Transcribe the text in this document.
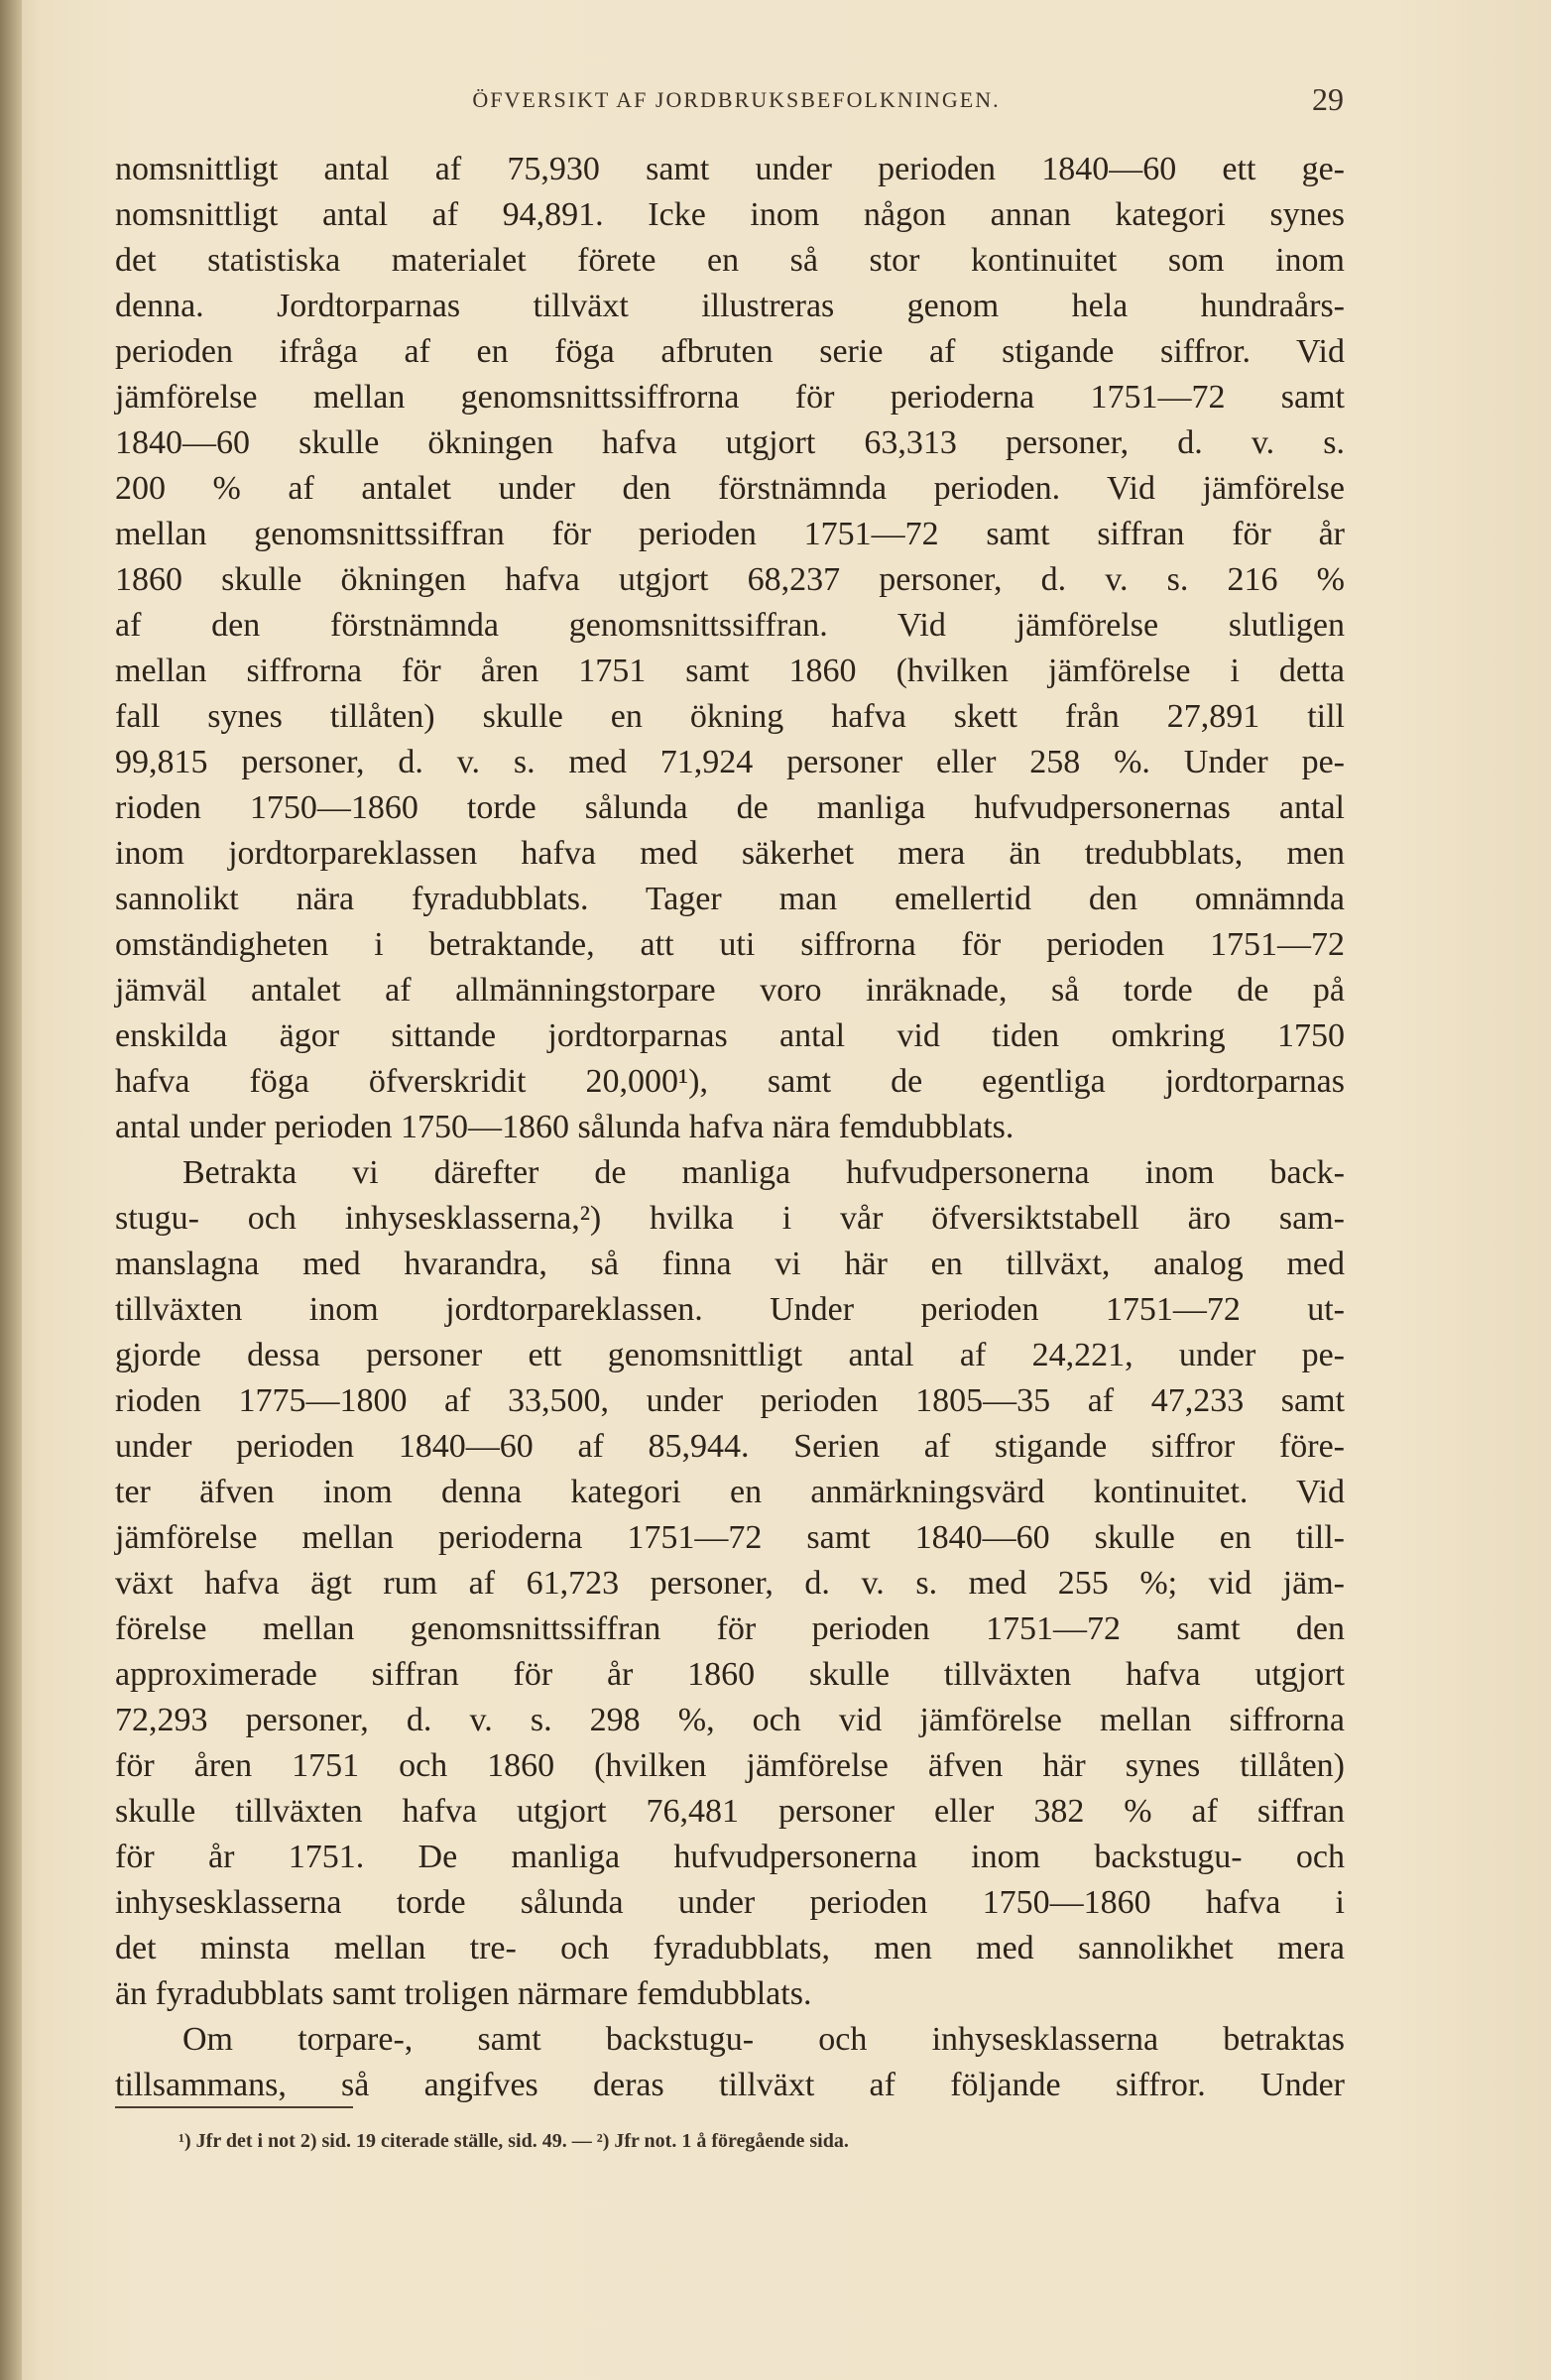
ÖFVERSIKT AF JORDBRUKSBEFOLKNINGEN.	29
nomsnittligt antal af 75,930 samt under perioden 1840—60 ett ge-
nomsnittligt antal af 94,891. Icke inom någon annan kategori synes
det statistiska materialet förete en så stor kontinuitet som inom
denna. Jordtorparnas tillväxt illustreras genom hela hundraårs-
perioden ifråga af en föga afbruten serie af stigande siffror. Vid
jämförelse mellan genomsnittssiffrorna för perioderna 1751—72 samt
1840—60 skulle ökningen hafva utgjort 63,313 personer, d. v. s.
200 % af antalet under den förstnämnda perioden. Vid jämförelse
mellan genomsnittssiffran för perioden 1751—72 samt siffran för år
1860 skulle ökningen hafva utgjort 68,237 personer, d. v. s. 216 %
af den förstnämnda genomsnittssiffran. Vid jämförelse slutligen
mellan siffrorna för åren 1751 samt 1860 (hvilken jämförelse i detta
fall synes tillåten) skulle en ökning hafva skett från 27,891 till
99,815 personer, d. v. s. med 71,924 personer eller 258 %. Under pe-
rioden 1750—1860 torde sålunda de manliga hufvudpersonernas antal
inom jordtorpareklassen hafva med säkerhet mera än tredubblats, men
sannolikt nära fyradubblats. Tager man emellertid den omnämnda
omständigheten i betraktande, att uti siffrorna för perioden 1751—72
jämväl antalet af allmänningstorpare voro inräknade, så torde de på
enskilda ägor sittande jordtorparnas antal vid tiden omkring 1750
hafva föga öfverskridit 20,000¹), samt de egentliga jordtorparnas
antal under perioden 1750—1860 sålunda hafva nära femdubblats.
Betrakta vi därefter de manliga hufvudpersonerna inom back-
stugu- och inhysesklasserna,²) hvilka i vår öfversiktstabell äro sam-
manslagna med hvarandra, så finna vi här en tillväxt, analog med
tillväxten inom jordtorpareklassen. Under perioden 1751—72 ut-
gjorde dessa personer ett genomsnittligt antal af 24,221, under pe-
rioden 1775—1800 af 33,500, under perioden 1805—35 af 47,233 samt
under perioden 1840—60 af 85,944. Serien af stigande siffror före-
ter äfven inom denna kategori en anmärkningsvärd kontinuitet. Vid
jämförelse mellan perioderna 1751—72 samt 1840—60 skulle en till-
växt hafva ägt rum af 61,723 personer, d. v. s. med 255 %; vid jäm-
förelse mellan genomsnittssiffran för perioden 1751—72 samt den
approximerade siffran för år 1860 skulle tillväxten hafva utgjort
72,293 personer, d. v. s. 298 %, och vid jämförelse mellan siffrorna
för åren 1751 och 1860 (hvilken jämförelse äfven här synes tillåten)
skulle tillväxten hafva utgjort 76,481 personer eller 382 % af siffran
för år 1751. De manliga hufvudpersonerna inom backstugu- och
inhysesklasserna torde sålunda under perioden 1750—1860 hafva i
det minsta mellan tre- och fyradubblats, men med sannolikhet mera
än fyradubblats samt troligen närmare femdubblats.
Om torpare-, samt backstugu- och inhysesklasserna betraktas
tillsammans, så angifves deras tillväxt af följande siffror. Under
¹) Jfr det i not 2) sid. 19 citerade ställe, sid. 49. — ²) Jfr not. 1 å föregående sida.
